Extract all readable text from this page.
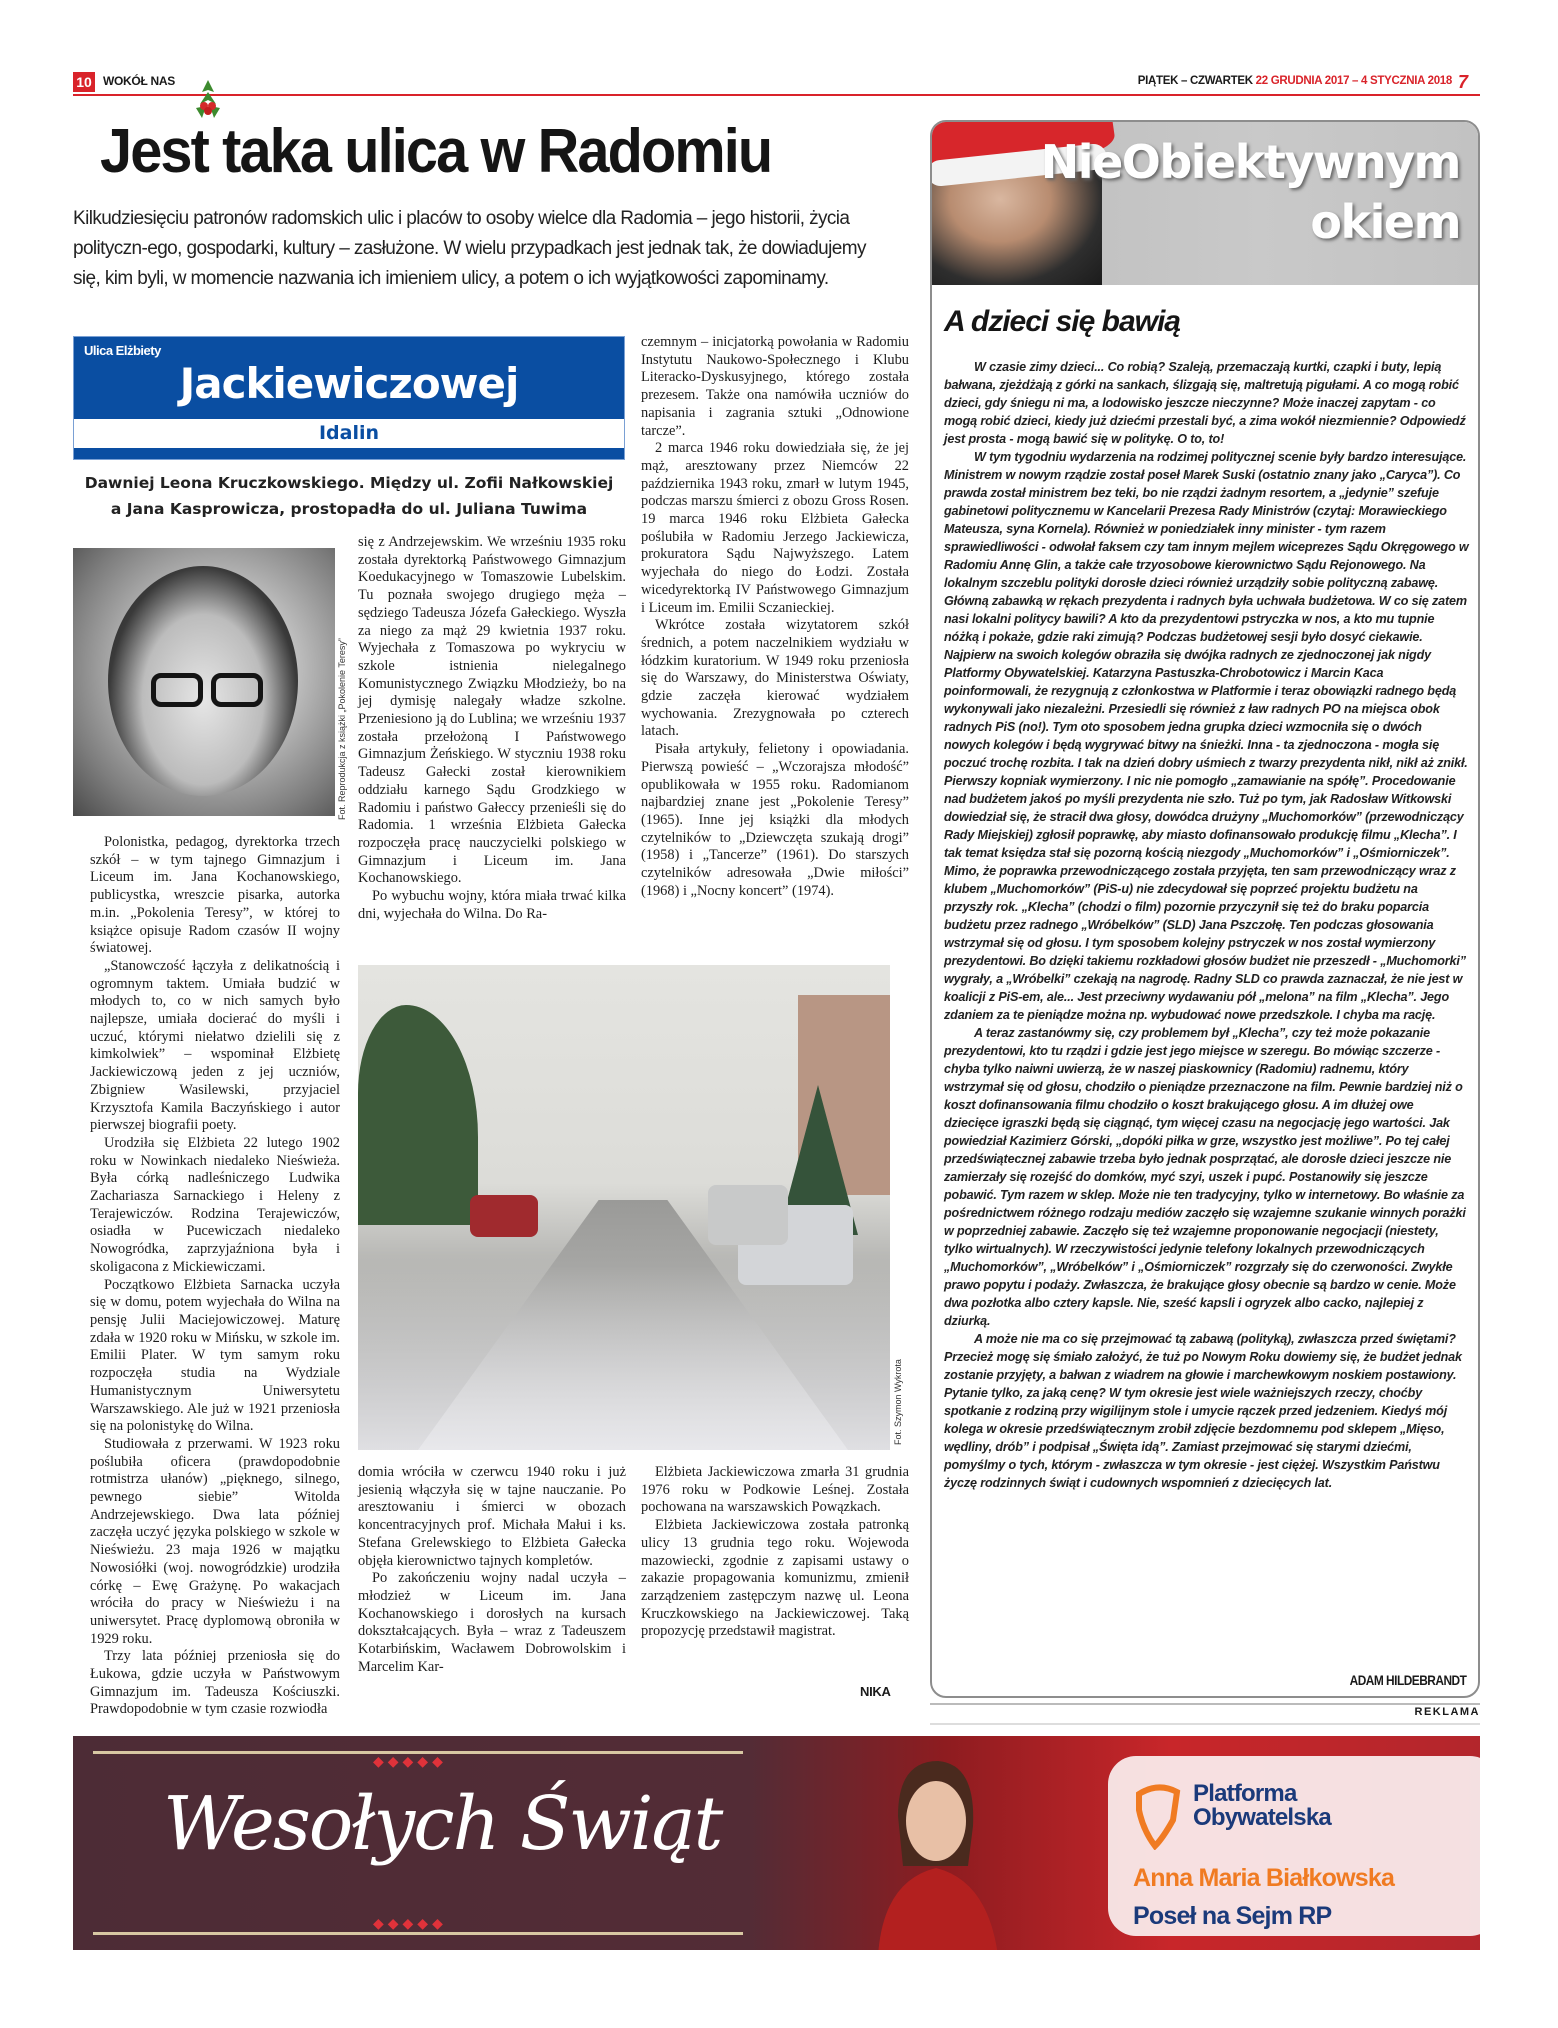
10 WOKÓŁ NAS	PIĄTEK – CZWARTEK 22 GRUDNIA 2017 – 4 STYCZNIA 2018 7
Jest taka ulica w Radomiu

Kilkudziesięciu patronów radomskich ulic i placów to osoby wielce dla Radomia – jego historii, życia polityczn‑ego, gospodarki, kultury – zasłużone. W wielu przypadkach jest jednak tak, że dowiadujemy się, kim byli, w momencie nazwania ich imieniem ulicy, a potem o ich wyjątkowości zapominamy.

Ulica Elżbiety
Jackiewiczowej
Idalin
Dawniej Leona Kruczkowskiego. Między ul. Zofii Nałkowskiej
a Jana Kasprowicza, prostopadła do ul. Juliana Tuwima
Fot. Reprodukcja z książki „Pokolenie Teresy”

Polonistka, pedagog, dyrektorka trzech szkół – w tym tajnego Gimnazjum i Liceum im. Jana Kochanowskiego, publicystka, wreszcie pisarka, autorka m.in. „Pokolenia Teresy”, w której to książce opisuje Radom czasów II wojny światowej.

„Stanowczość łączyła z delikatnością i ogromnym taktem. Umiała budzić w młodych to, co w nich samych było najlepsze, umiała docierać do myśli i uczuć, którymi niełatwo dzielili się z kimkolwiek” – wspominał Elżbietę Jackiewiczową jeden z jej uczniów, Zbigniew Wasilewski, przyjaciel Krzysztofa Kamila Baczyńskiego i autor pierwszej biografii poety.

Urodziła się Elżbieta 22 lutego 1902 roku w Nowinkach niedaleko Nieświeża. Była córką nadleśniczego Ludwika Zachariasza Sarnackiego i Heleny z Terajewiczów. Rodzina Terajewiczów, osiadła w Pucewiczach niedaleko Nowogródka, zaprzyjaźniona była i skoligacona z Mickiewiczami.

Początkowo Elżbieta Sarnacka uczyła się w domu, potem wyjechała do Wilna na pensję Julii Maciejowiczowej. Maturę zdała w 1920 roku w Mińsku, w szkole im. Emilii Plater. W tym samym roku rozpoczęła studia na Wydziale Humanistycznym Uniwersytetu Warszawskiego. Ale już w 1921 przeniosła się na polonistykę do Wilna.

Studiowała z przerwami. W 1923 roku poślubiła oficera (prawdopodobnie rotmistrza ułanów) „pięknego, silnego, pewnego siebie” Witolda Andrzejewskiego. Dwa lata później zaczęła uczyć języka polskiego w szkole w Nieświeżu. 23 maja 1926 w majątku Nowosiółki (woj. nowogródzkie) urodziła córkę – Ewę Grażynę. Po wakacjach wróciła do pracy w Nieświeżu i na uniwersytet. Pracę dyplomową obroniła w 1929 roku.

Trzy lata później przeniosła się do Łukowa, gdzie uczyła w Państwowym Gimnazjum im. Tadeusza Kościuszki. Prawdopodobnie w tym czasie rozwiodła

się z Andrzejewskim. We wrześniu 1935 roku została dyrektorką Państwowego Gimnazjum Koedukacyjnego w Tomaszowie Lubelskim. Tu poznała swojego drugiego męża – sędziego Tadeusza Józefa Gałeckiego. Wyszła za niego za mąż 29 kwietnia 1937 roku. Wyjechała z Tomaszowa po wykryciu w szkole istnienia nielegalnego Komunistycznego Związku Młodzieży, bo na jej dymisję nalegały władze szkolne. Przeniesiono ją do Lublina; we wrześniu 1937 została przełożoną I Państwowego Gimnazjum Żeńskiego. W styczniu 1938 roku Tadeusz Gałecki został kierownikiem oddziału karnego Sądu Grodzkiego w Radomiu i państwo Gałeccy przenieśli się do Radomia. 1 września Elżbieta Gałecka rozpoczęła pracę nauczycielki polskiego w Gimnazjum i Liceum im. Jana Kochanowskiego.

Po wybuchu wojny, która miała trwać kilka dni, wyjechała do Wilna. Do Ra-

domia wróciła w czerwcu 1940 roku i już jesienią włączyła się w tajne nauczanie. Po aresztowaniu i śmierci w obozach koncentracyjnych prof. Michała Małui i ks. Stefana Grelewskiego to Elżbieta Gałecka objęła kierownictwo tajnych kompletów.

Po zakończeniu wojny nadal uczyła – młodzież w Liceum im. Jana Kochanowskiego i dorosłych na kursach dokształcających. Była – wraz z Tadeuszem Kotarbińskim, Wacławem Dobrowolskim i Marcelim Kar-

czemnym – inicjatorką powołania w Radomiu Instytutu Naukowo-Społecznego i Klubu Literacko-Dyskusyjnego, którego została prezesem. Także ona namówiła uczniów do napisania i zagrania sztuki „Odnowione tarcze”.

2 marca 1946 roku dowiedziała się, że jej mąż, aresztowany przez Niemców 22 października 1943 roku, zmarł w lutym 1945, podczas marszu śmierci z obozu Gross Rosen. 19 marca 1946 roku Elżbieta Gałecka poślubiła w Radomiu Jerzego Jackiewicza, prokuratora Sądu Najwyższego. Latem wyjechała do niego do Łodzi. Została wicedyrektorką IV Państwowego Gimnazjum i Liceum im. Emilii Sczanieckiej.

Wkrótce została wizytatorem szkół średnich, a potem naczelnikiem wydziału w łódzkim kuratorium. W 1949 roku przeniosła się do Warszawy, do Ministerstwa Oświaty, gdzie zaczęła kierować wydziałem wychowania. Zrezygnowała po czterech latach.

Pisała artykuły, felietony i opowiadania. Pierwszą powieść – „Wczorajsza młodość” opublikowała w 1955 roku. Radomianom najbardziej znane jest „Pokolenie Teresy” (1965). Inne jej książki dla młodych czytelników to „Dziewczęta szukają drogi” (1958) i „Tancerze” (1961). Do starszych czytelników adresowała „Dwie miłości” (1968) i „Nocny koncert” (1974).

Elżbieta Jackiewiczowa zmarła 31 grudnia 1976 roku w Podkowie Leśnej. Została pochowana na warszawskich Powązkach.

Elżbieta Jackiewiczowa została patronką ulicy 13 grudnia tego roku. Wojewoda mazowiecki, zgodnie z zapisami ustawy o zakazie propagowania komunizmu, zmienił zarządzeniem zastępczym nazwę ul. Leona Kruczkowskiego na Jackiewiczowej. Taką propozycję przedstawił magistrat.

NIKA
Fot. Szymon Wykrota
NieObiektywnym
okiem
A dzieci się bawią

W czasie zimy dzieci... Co robią? Szaleją, przemaczają kurtki, czapki i buty, lepią bałwana, zjeżdżają z górki na sankach, ślizgają się, maltretują pigułami. A co mogą robić dzieci, gdy śniegu ni ma, a lodowisko jeszcze nieczynne? Może inaczej zapytam - co mogą robić dzieci, kiedy już dziećmi przestali być, a zima wokół niezmiennie? Odpowiedź jest prosta - mogą bawić się w politykę. O to, to!

W tym tygodniu wydarzenia na rodzimej politycznej scenie były bardzo interesujące. Ministrem w nowym rządzie został poseł Marek Suski (ostatnio znany jako „Caryca”). Co prawda został ministrem bez teki, bo nie rządzi żadnym resortem, a „jedynie” szefuje gabinetowi politycznemu w Kancelarii Prezesa Rady Ministrów (czytaj: Morawieckiego Mateusza, syna Kornela). Również w poniedziałek inny minister - tym razem sprawiedliwości - odwołał faksem czy tam innym mejlem wiceprezes Sądu Okręgowego w Radomiu Annę Glin, a także całe trzyosobowe kierownictwo Sądu Rejonowego. Na lokalnym szczeblu polityki dorosłe dzieci również urządziły sobie polityczną zabawę. Główną zabawką w rękach prezydenta i radnych była uchwała budżetowa. W co się zatem nasi lokalni politycy bawili? A kto da prezydentowi pstryczka w nos, a kto mu tupnie nóżką i pokaże, gdzie raki zimują? Podczas budżetowej sesji było dosyć ciekawie. Najpierw na swoich kolegów obraziła się dwójka radnych ze zjednoczonej jak nigdy Platformy Obywatelskiej. Katarzyna Pastuszka-Chrobotowicz i Marcin Kaca poinformowali, że rezygnują z członkostwa w Platformie i teraz obowiązki radnego będą wykonywali jako niezależni. Przesiedli się również z ław radnych PO na miejsca obok radnych PiS (no!). Tym oto sposobem jedna grupka dzieci wzmocniła się o dwóch nowych kolegów i będą wygrywać bitwy na śnieżki. Inna - ta zjednoczona - mogła się poczuć trochę rozbita. I tak na dzień dobry uśmiech z twarzy prezydenta nikł, nikł aż znikł. Pierwszy kopniak wymierzony. I nic nie pomogło „zamawianie na spółę”. Procedowanie nad budżetem jakoś po myśli prezydenta nie szło. Tuż po tym, jak Radosław Witkowski dowiedział się, że stracił dwa głosy, dowódca drużyny „Muchomorków” (przewodniczący Rady Miejskiej) zgłosił poprawkę, aby miasto dofinansowało produkcję filmu „Klecha”. I tak temat księdza stał się pozorną kością niezgody „Muchomorków” i „Ośmiorniczek”. Mimo, że poprawka przewodniczącego została przyjęta, ten sam przewodniczący wraz z klubem „Muchomorków” (PiS-u) nie zdecydował się poprzeć projektu budżetu na przyszły rok. „Klecha” (chodzi o film) pozornie przyczynił się też do braku poparcia budżetu przez radnego „Wróbelków” (SLD) Jana Pszczołę. Ten podczas głosowania wstrzymał się od głosu. I tym sposobem kolejny pstryczek w nos został wymierzony prezydentowi. Bo dzięki takiemu rozkładowi głosów budżet nie przeszedł - „Muchomorki” wygrały, a „Wróbelki” czekają na nagrodę. Radny SLD co prawda zaznaczał, że nie jest w koalicji z PiS-em, ale... Jest przeciwny wydawaniu pół „melona” na film „Klecha”. Jego zdaniem za te pieniądze można np. wybudować nowe przedszkole. I chyba ma rację.

A teraz zastanówmy się, czy problemem był „Klecha”, czy też może pokazanie prezydentowi, kto tu rządzi i gdzie jest jego miejsce w szeregu. Bo mówiąc szczerze - chyba tylko naiwni uwierzą, że w naszej piaskownicy (Radomiu) radnemu, który wstrzymał się od głosu, chodziło o pieniądze przeznaczone na film. Pewnie bardziej niż o koszt dofinansowania filmu chodziło o koszt brakującego głosu. A im dłużej owe dziecięce igraszki będą się ciągnąć, tym więcej czasu na negocjację jego wartości. Jak powiedział Kazimierz Górski, „dopóki piłka w grze, wszystko jest możliwe”. Po tej całej przedświątecznej zabawie trzeba było jednak posprzątać, ale dorosłe dzieci jeszcze nie zamierzały się rozejść do domków, myć szyi, uszek i pupć. Postanowiły się jeszcze pobawić. Tym razem w sklep. Może nie ten tradycyjny, tylko w internetowy. Bo właśnie za pośrednictwem różnego rodzaju mediów zaczęło się wzajemne szukanie winnych porażki w poprzedniej zabawie. Zaczęło się też wzajemne proponowanie negocjacji (niestety, tylko wirtualnych). W rzeczywistości jedynie telefony lokalnych przewodniczących „Muchomorków”, „Wróbelków” i „Ośmiorniczek” rozgrzały się do czerwoności. Zwykłe prawo popytu i podaży. Zwłaszcza, że brakujące głosy obecnie są bardzo w cenie. Może dwa pozłotka albo cztery kapsle. Nie, sześć kapsli i ogryzek albo cacko, najlepiej z dziurką.

A może nie ma co się przejmować tą zabawą (polityką), zwłaszcza przed świętami? Przecież mogę się śmiało założyć, że tuż po Nowym Roku dowiemy się, że budżet jednak zostanie przyjęty, a bałwan z wiadrem na głowie i marchewkowym noskiem postawiony. Pytanie tylko, za jaką cenę? W tym okresie jest wiele ważniejszych rzeczy, choćby spotkanie z rodziną przy wigilijnym stole i umycie rączek przed jedzeniem. Kiedyś mój kolega w okresie przedświątecznym zrobił zdjęcie bezdomnemu pod sklepem „Mięso, wędliny, drób” i podpisał „Święta idą”. Zamiast przejmować się starymi dziećmi, pomyślmy o tych, którym - zwłaszcza w tym okresie - jest ciężej. Wszystkim Państwu życzę rodzinnych świąt i cudownych wspomnień z dziecięcych lat.

ADAM HILDEBRANDT
REKLAMA
◆◆◆◆◆
◆◆◆◆◆
Wesołych Świąt	Platforma
Obywatelska
Anna Maria Białkowska
Poseł na Sejm RP
